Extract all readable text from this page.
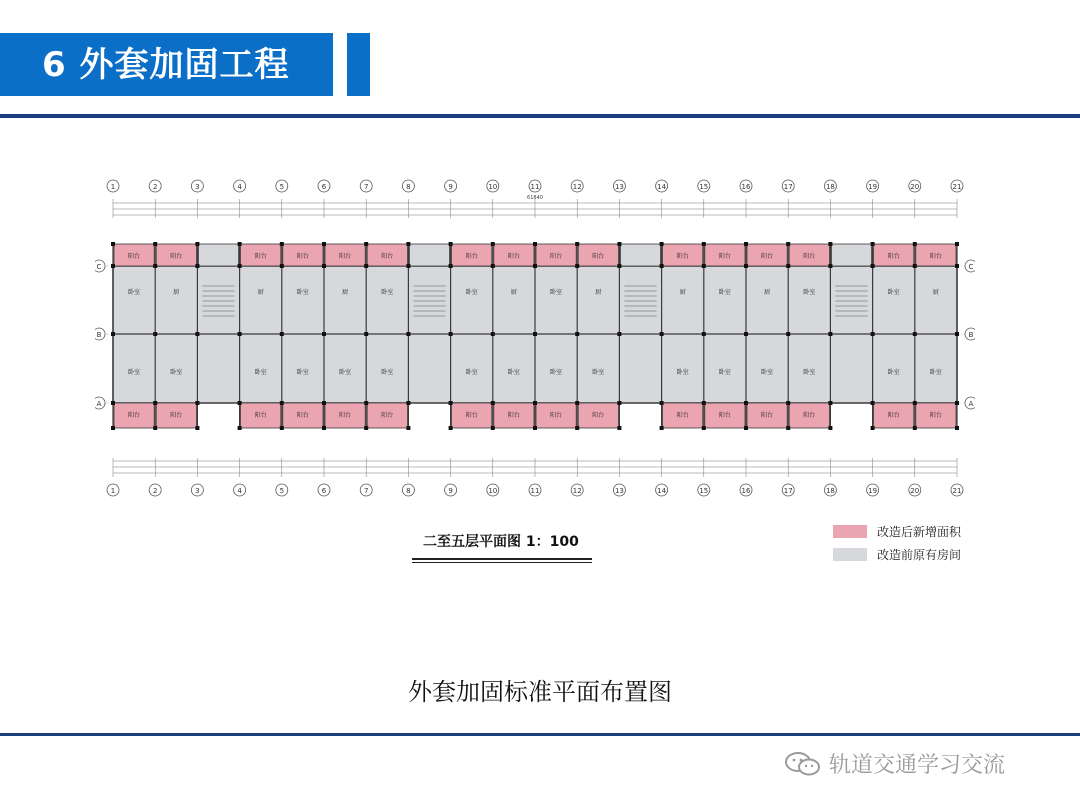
6 外套加固工程
1
1
2
2
3
3
4
4
5
5
6
6
7
7
8
8
9
9
10
10
11
11
12
12
13
13
14
14
15
15
16
16
17
17
18
18
19
19
20
20
21
21
61840
C	C
B	B
A	A
阳台
阳台
卧室
卧室
阳台
阳台
卧室
厨
阳台
阳台
卧室
厨
阳台
阳台
卧室
卧室
阳台
阳台
卧室
厨
阳台
阳台
卧室
卧室
阳台
阳台
卧室
卧室
阳台
阳台
卧室
厨
阳台
阳台
卧室
卧室
阳台
阳台
卧室
厨
阳台
阳台
卧室
厨
阳台
阳台
卧室
卧室
阳台
阳台
卧室
厨
阳台
阳台
卧室
卧室
阳台
阳台
卧室
卧室
阳台
阳台
卧室
厨
二至五层平面图 1：100
改造后新增面积
改造前原有房间
外套加固标准平面布置图
轨道交通学习交流
